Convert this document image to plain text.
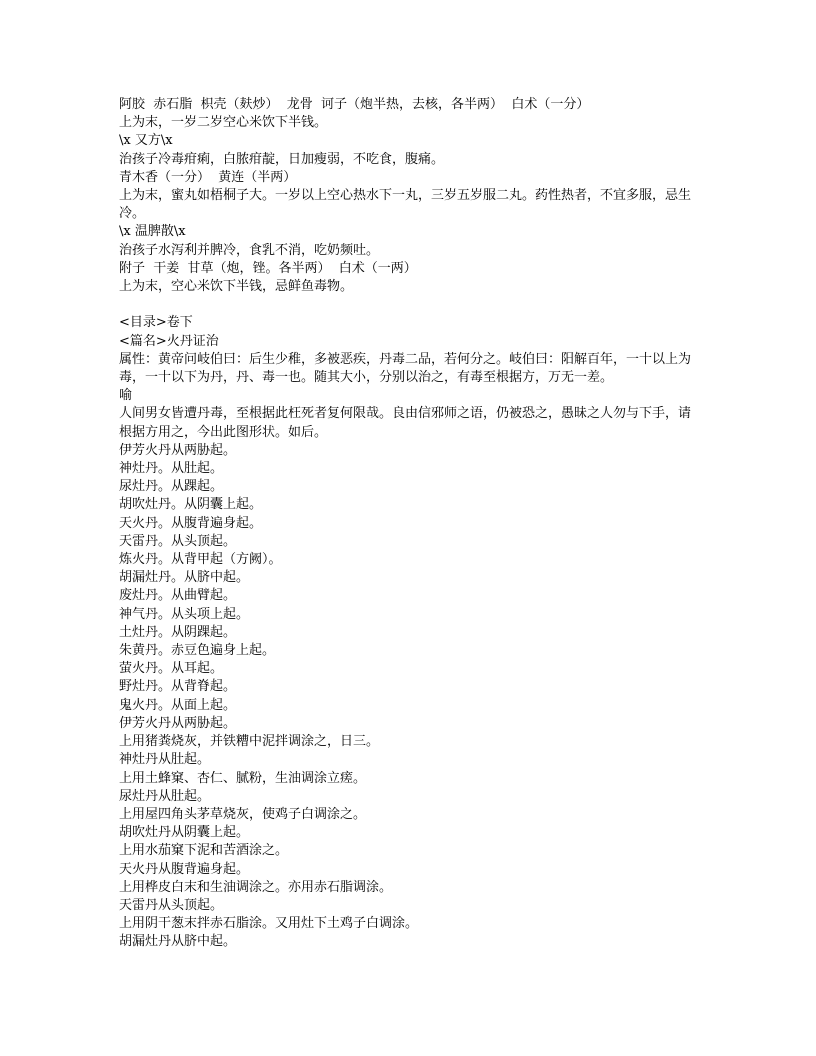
阿胶  赤石脂  枳壳（麸炒）  龙骨  诃子（炮半热，去核，各半两）  白术（一分）
上为末，一岁二岁空心米饮下半钱。
\x 又方\x
治孩子冷毒疳痢，白脓疳靛，日加瘦弱，不吃食，腹痛。
青木香（一分）  黄连（半两）
上为末，蜜丸如梧桐子大。一岁以上空心热水下一丸，三岁五岁服二丸。药性热者，不宜多服，忌生冷。
\x 温脾散\x
治孩子水泻利并脾冷，食乳不消，吃奶频吐。
附子  干姜  甘草（炮，锉。各半两）  白术（一两）
上为末，空心米饮下半钱，忌鲜鱼毒物。
<目录>卷下
<篇名>火丹证治
属性：黄帝问岐伯曰：后生少稚，多被恶疾，丹毒二品，若何分之。岐伯曰：阳解百年，一十以上为毒，一十以下为丹，丹、毒一也。随其大小，分别以治之，有毒至根据方，万无一差。
喻
人间男女皆遭丹毒，至根据此枉死者复何限哉。良由信邪师之语，仍被恐之，愚昧之人勿与下手，请根据方用之，今出此图形状。如后。
伊芳火丹从两胁起。
神灶丹。从肚起。
尿灶丹。从踝起。
胡吹灶丹。从阴囊上起。
天火丹。从腹背遍身起。
天雷丹。从头顶起。
炼火丹。从背甲起（方阙）。
胡漏灶丹。从脐中起。
废灶丹。从曲臂起。
神气丹。从头项上起。
土灶丹。从阴踝起。
朱黄丹。赤豆色遍身上起。
萤火丹。从耳起。
野灶丹。从背脊起。
鬼火丹。从面上起。
伊芳火丹从两胁起。
上用猪粪烧灰，并铁糟中泥拌调涂之，日三。
神灶丹从肚起。
上用土蜂窠、杏仁、腻粉，生油调涂立瘥。
尿灶丹从肚起。
上用屋四角头茅草烧灰，使鸡子白调涂之。
胡吹灶丹从阴囊上起。
上用水茄窠下泥和苦酒涂之。
天火丹从腹背遍身起。
上用桦皮白末和生油调涂之。亦用赤石脂调涂。
天雷丹从头顶起。
上用阴干葱末拌赤石脂涂。又用灶下土鸡子白调涂。
胡漏灶丹从脐中起。
